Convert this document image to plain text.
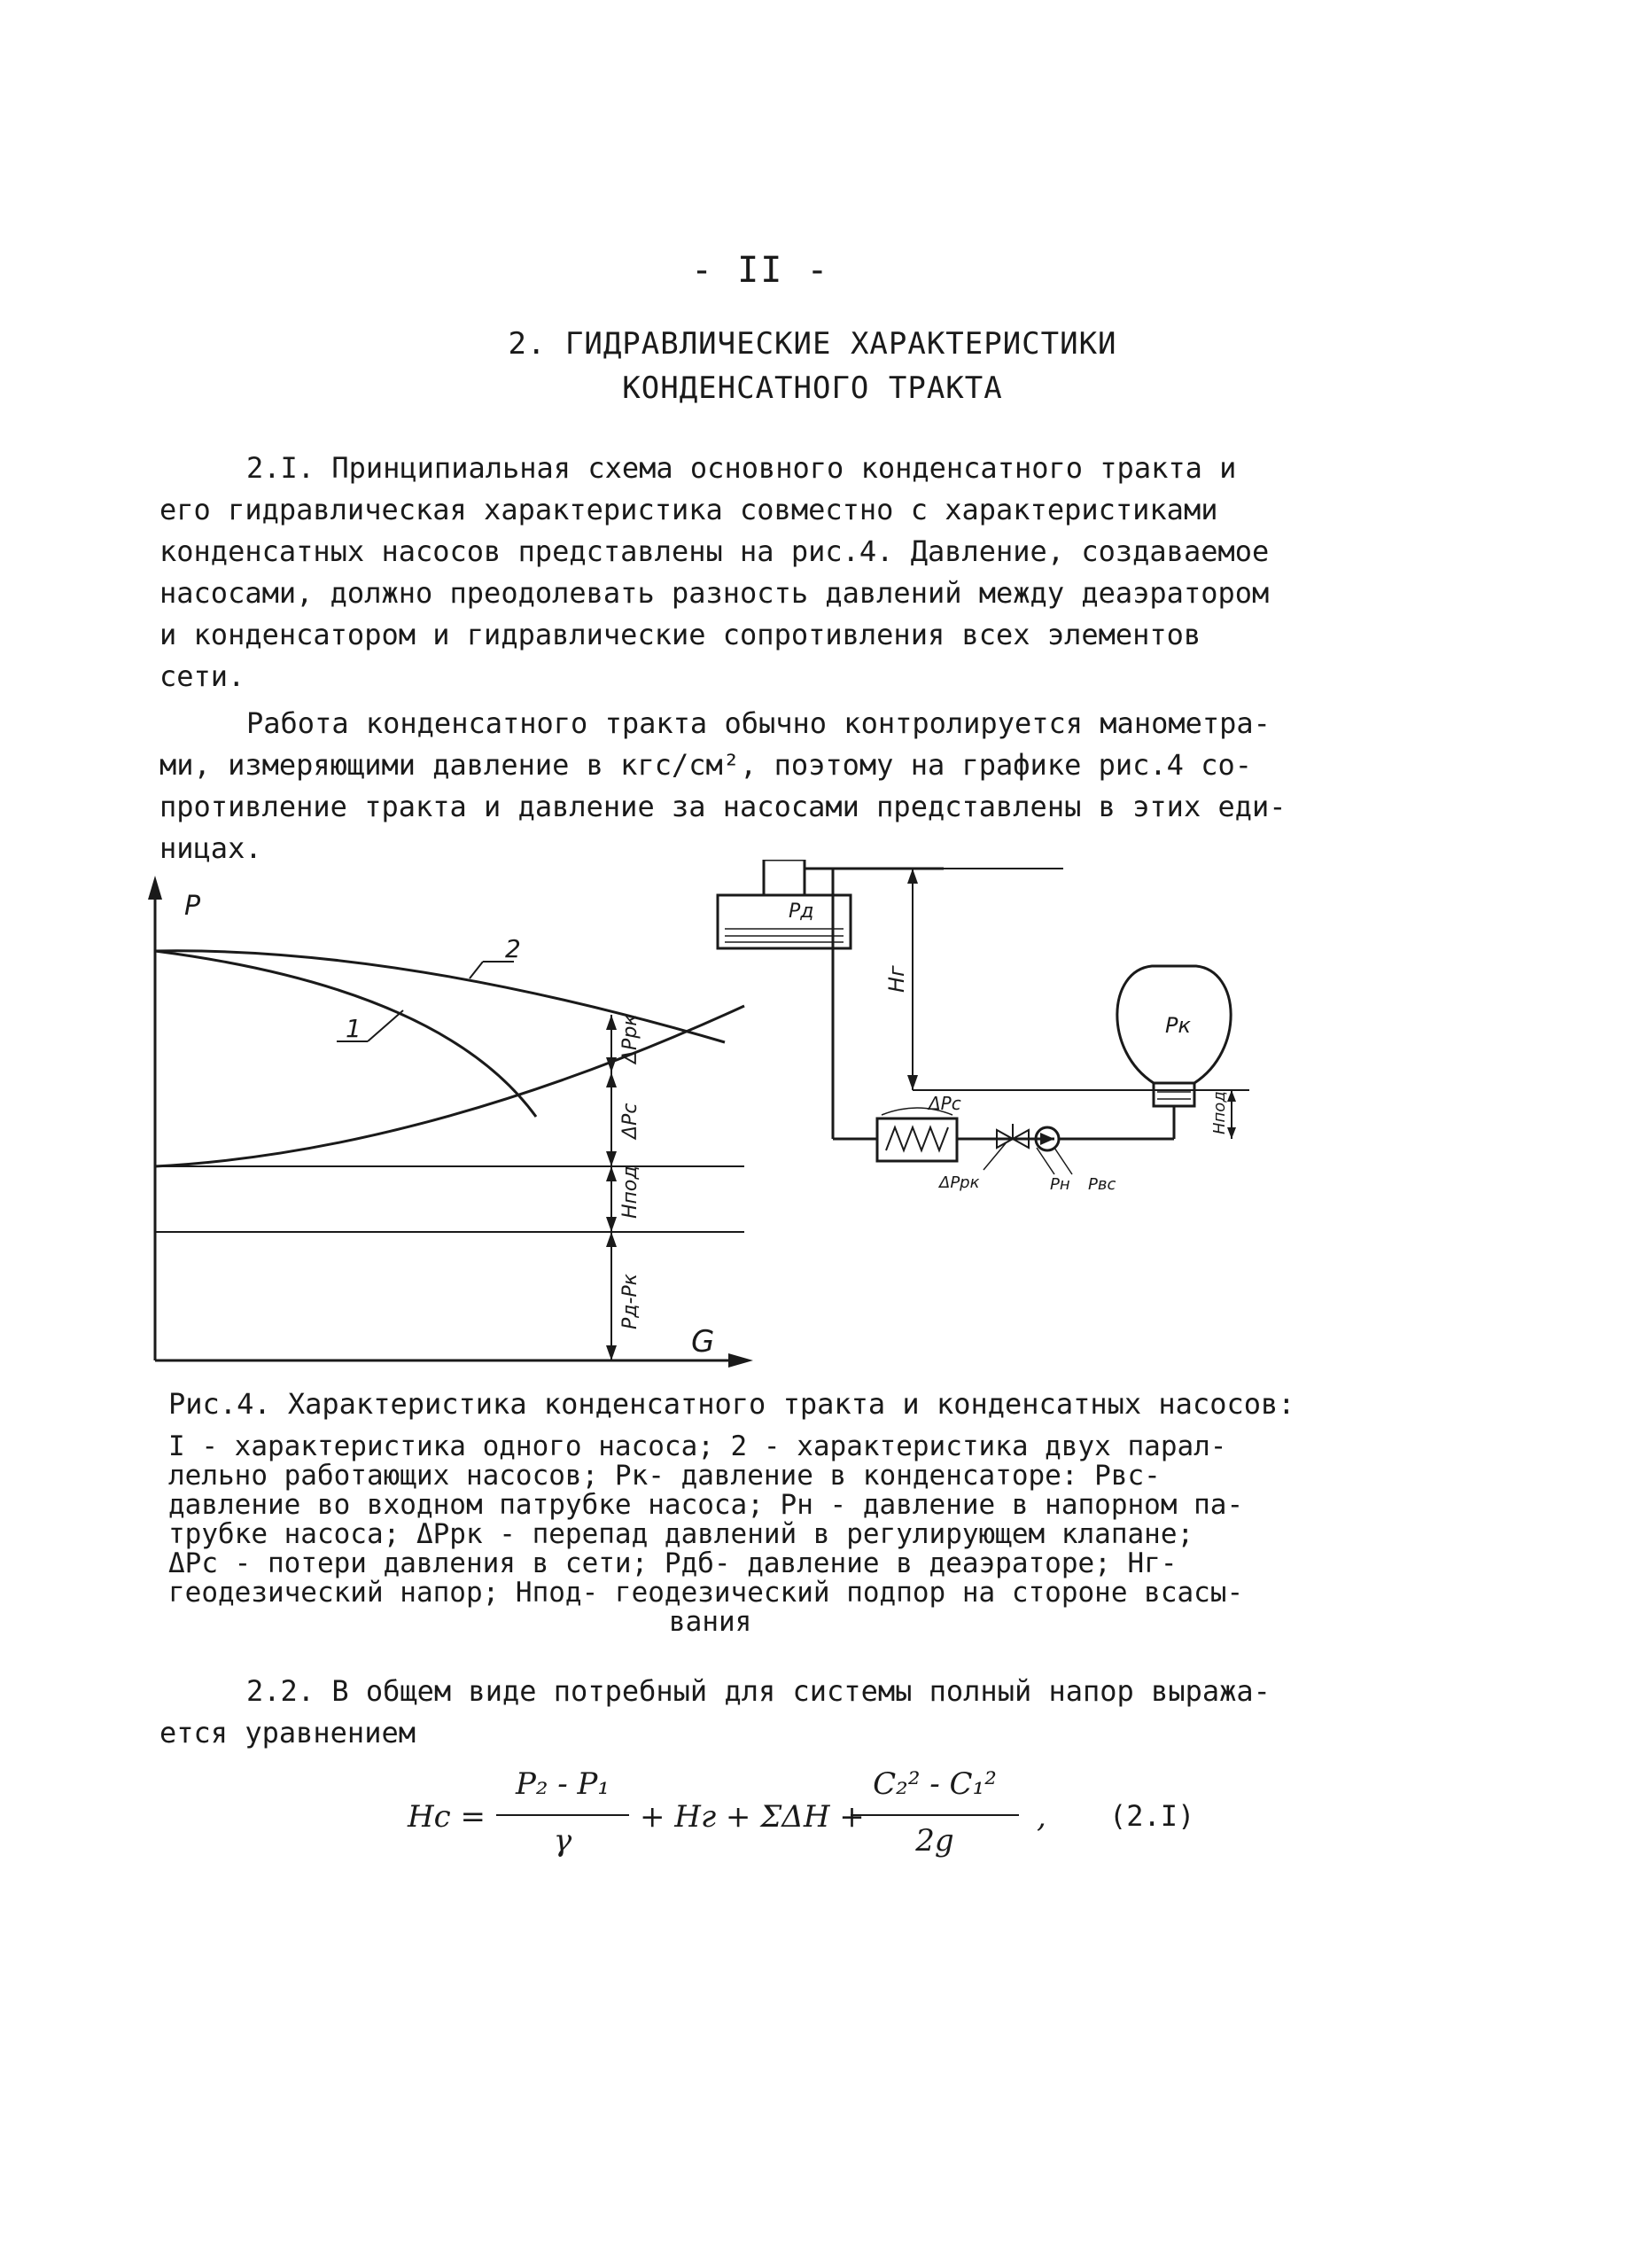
- II -
2. ГИДРАВЛИЧЕСКИЕ ХАРАКТЕРИСТИКИ
КОНДЕНСАТНОГО ТРАКТА
2.I. Принципиальная схема основного конденсатного тракта и
его гидравлическая характеристика совместно с характеристиками
конденсатных насосов представлены на рис.4. Давление, создаваемое
насосами, должно преодолевать разность давлений между деаэратором
и конденсатором и гидравлические сопротивления всех элементов
сети.
Работа конденсатного тракта обычно контролируется манометра-
ми, измеряющими давление в кгс/см², поэтому на графике рис.4 со-
противление тракта и давление за насосами представлены в этих еди-
ницах.
P
G
2
1	ΔPрк
ΔPc
Hпод
Pд-Pк
Pд
Hг
ΔPc
ΔPрк	Pн Pвс
Pк
Hпод
Рис.4. Характеристика конденсатного тракта и конденсатных насосов:
I - характеристика одного насоса; 2 - характеристика двух парал-
лельно работающих насосов; Pк- давление в конденсаторе: Pвс-
давление во входном патрубке насоса; Pн - давление в напорном па-
трубке насоса; ΔPрк - перепад давлений в регулирующем клапане;
ΔPc - потери давления в сети; Pдб- давление в деаэраторе; Hг-
геодезический напор; Hпод- геодезический подпор на стороне всасы-
вания
2.2. В общем виде потребный для системы полный напор выража-
ется уравнением
Hc =
P₂ - P₁
γ
+ Hг + ΣΔH +
C₂² - C₁²
2g
, (2.I)
